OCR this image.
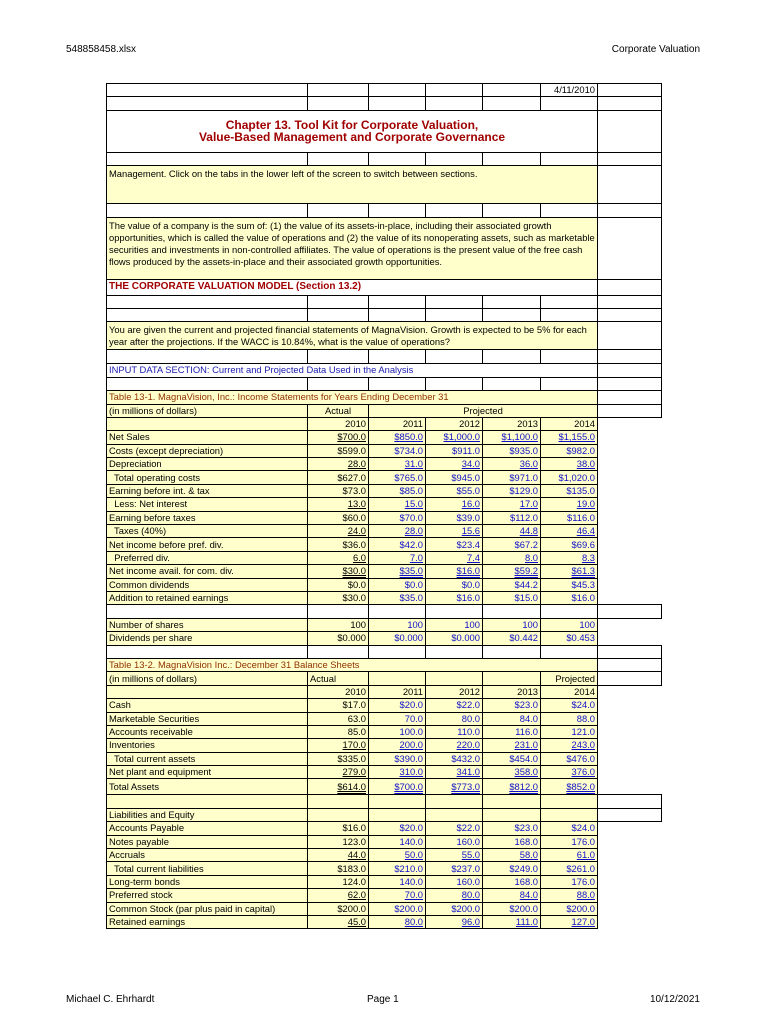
548858458.xlsx	Corporate Valuation
					4/11/2010	

Chapter 13. Tool Kit for Corporate Valuation,
Value-Based Management and Corporate Governance						

Management. Click on the tabs in the lower left of the screen to switch between sections.						

The value of a company is the sum of: (1) the value of its assets-in-place, including their associated growth opportunities, which is called the value of operations and (2) the value of its nonoperating assets, such as marketable securities and investments in non-controlled affiliates. The value of operations is the present value of the free cash flows produced by the assets-in-place and their associated growth opportunities.						
THE CORPORATE VALUATION MODEL (Section 13.2)						

You are given the current and projected financial statements of MagnaVision. Growth is expected to be 5% for each year after the projections. If the WACC is 10.84%, what is the value of operations?						

INPUT DATA SECTION: Current and Projected Data Used in the Analysis						

Table 13-1. MagnaVision, Inc.: Income Statements for Years Ending December 31						
(in millions of dollars)	Actual	Projected				
	2010	2011	2012	2013	2014	
Net Sales	$700.0	$850.0	$1,000.0	$1,100.0	$1,155.0	
Costs (except depreciation)	$599.0	$734.0	$911.0	$935.0	$982.0	
Depreciation	28.0	31.0	34.0	36.0	38.0	
Total operating costs	$627.0	$765.0	$945.0	$971.0	$1,020.0	
Earning before int. & tax	$73.0	$85.0	$55.0	$129.0	$135.0	
Less: Net interest	13.0	15.0	16.0	17.0	19.0	
Earning before taxes	$60.0	$70.0	$39.0	$112.0	$116.0	
Taxes (40%)	24.0	28.0	15.6	44.8	46.4	
Net income before pref. div.	$36.0	$42.0	$23.4	$67.2	$69.6	
Preferred div.	6.0	7.0	7.4	8.0	8.3	
Net income avail. for com. div.	$30.0	$35.0	$16.0	$59.2	$61.3	
Common dividends	$0.0	$0.0	$0.0	$44.2	$45.3	
Addition to retained earnings	$30.0	$35.0	$16.0	$15.0	$16.0	

Number of shares	100	100	100	100	100	
Dividends per share	$0.000	$0.000	$0.000	$0.442	$0.453	

Table 13-2. MagnaVision Inc.: December 31 Balance Sheets						
(in millions of dollars)	Actual				Projected	
	2010	2011	2012	2013	2014	
Cash	$17.0	$20.0	$22.0	$23.0	$24.0	
Marketable Securities	63.0	70.0	80.0	84.0	88.0	
Accounts receivable	85.0	100.0	110.0	116.0	121.0	
Inventories	170.0	200.0	220.0	231.0	243.0	
Total current assets	$335.0	$390.0	$432.0	$454.0	$476.0	
Net plant and equipment	279.0	310.0	341.0	358.0	376.0	
Total Assets	$614.0	$700.0	$773.0	$812.0	$852.0	

Liabilities and Equity						
Accounts Payable	$16.0	$20.0	$22.0	$23.0	$24.0	
Notes payable	123.0	140.0	160.0	168.0	176.0	
Accruals	44.0	50.0	55.0	58.0	61.0	
Total current liabilities	$183.0	$210.0	$237.0	$249.0	$261.0	
Long-term bonds	124.0	140.0	160.0	168.0	176.0	
Preferred stock	62.0	70.0	80.0	84.0	88.0	
Common Stock (par plus paid in capital)	$200.0	$200.0	$200.0	$200.0	$200.0	
Retained earnings	45.0	80.0	96.0	111.0	127.0	
Michael C. Ehrhardt	Page 1	10/12/2021
